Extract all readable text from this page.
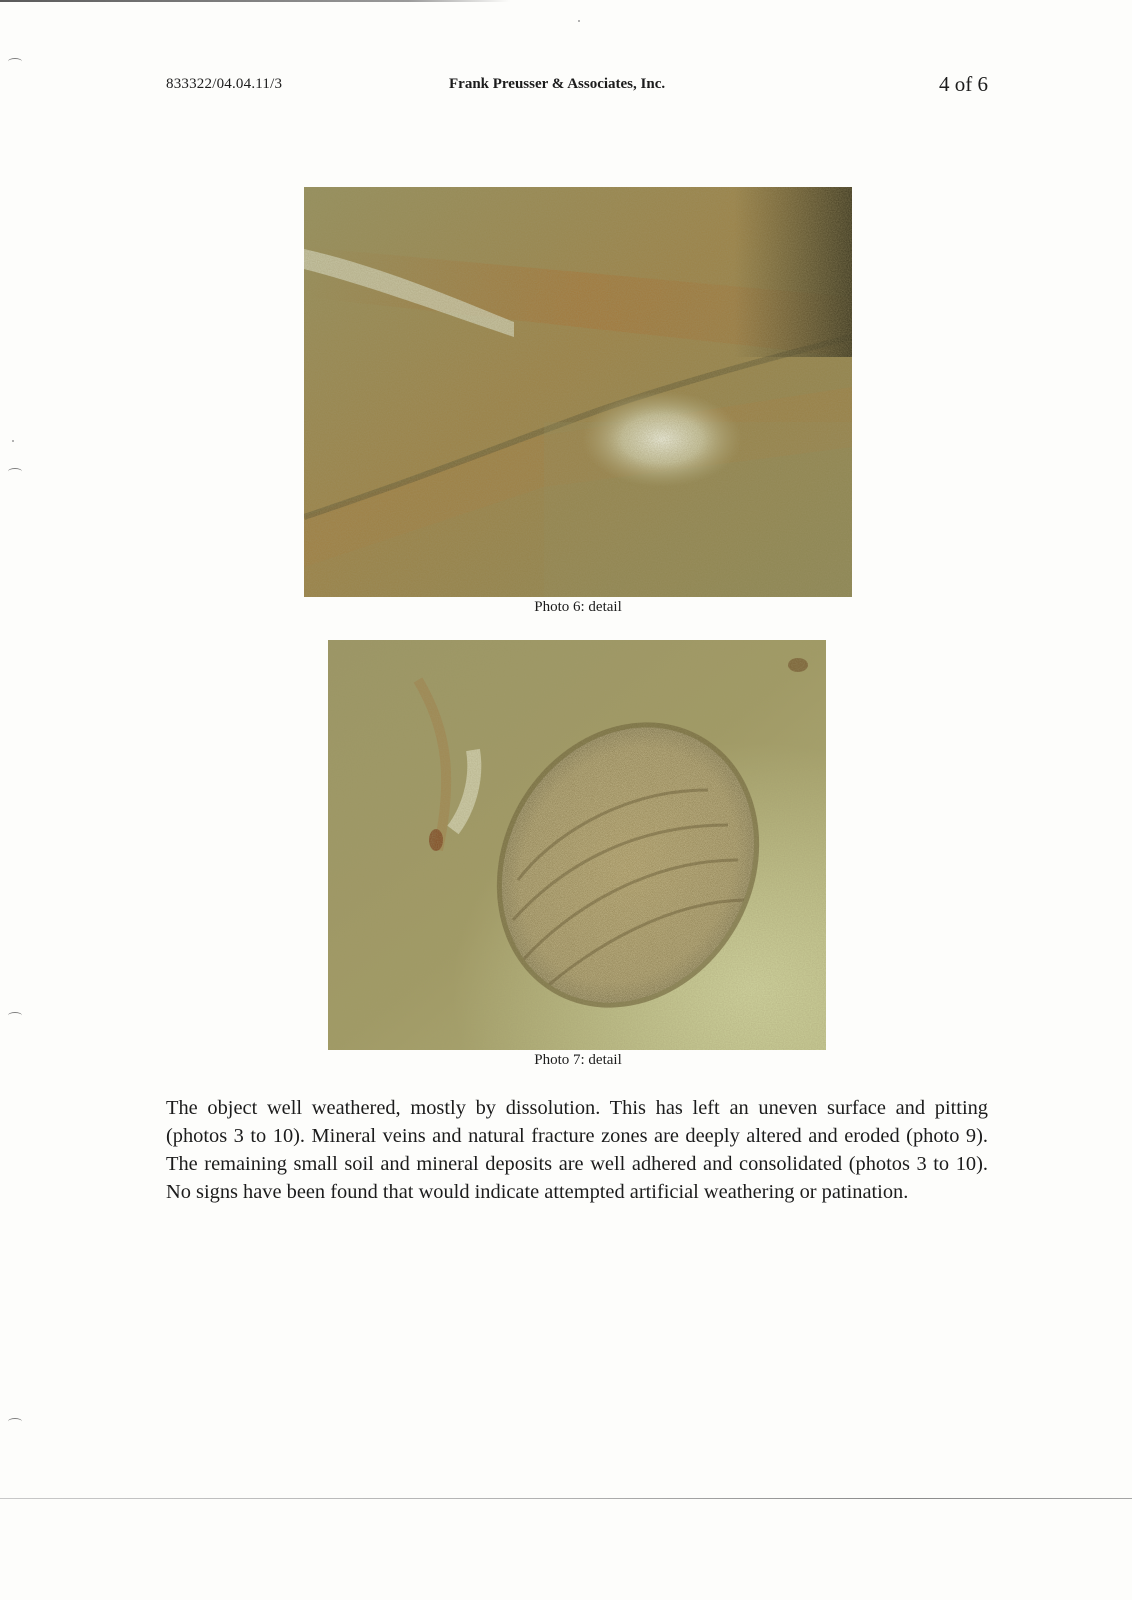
833322/04.04.11/3	Frank Preusser & Associates, Inc.	4 of 6
Photo 6: detail
Photo 7: detail

The object well weathered, mostly by dissolution. This has left an uneven surface and pitting (photos 3 to 10). Mineral veins and natural fracture zones are deeply altered and eroded (photo 9). The remaining small soil and mineral deposits are well adhered and consolidated (photos 3 to 10). No signs have been found that would indicate attempted artificial weathering or patination.
